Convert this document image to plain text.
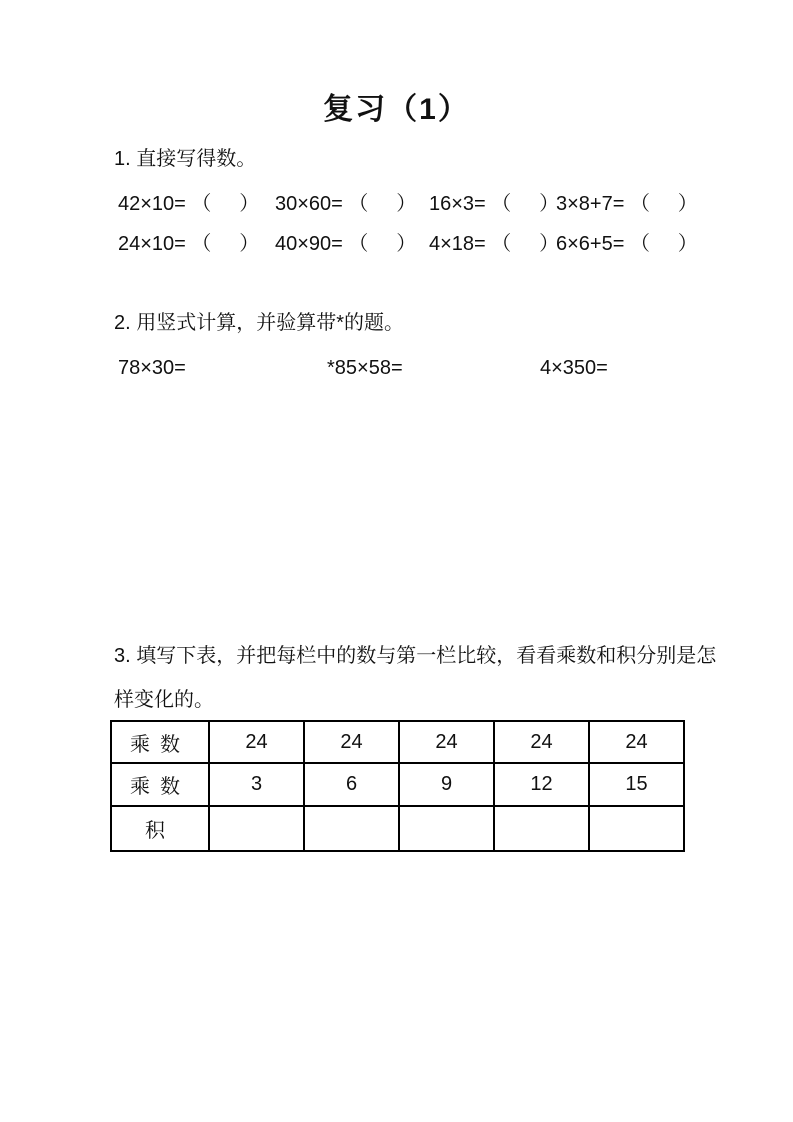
复习（1）
1. 直接写得数。
42×10= （     ） 30×60= （     ） 16×3= （     ）
3×8+7= （     ）
24×10= （     ） 40×90= （     ） 4×18= （     ）
6×6+5= （     ）
2. 用竖式计算，并验算带*的题。
78×30=	*85×58=	4×350=
3. 填写下表，并把每栏中的数与第一栏比较，看看乘数和积分别是怎
样变化的。
乘数	24	24	24	24	24
乘数	3	6	9	12	15
积					
